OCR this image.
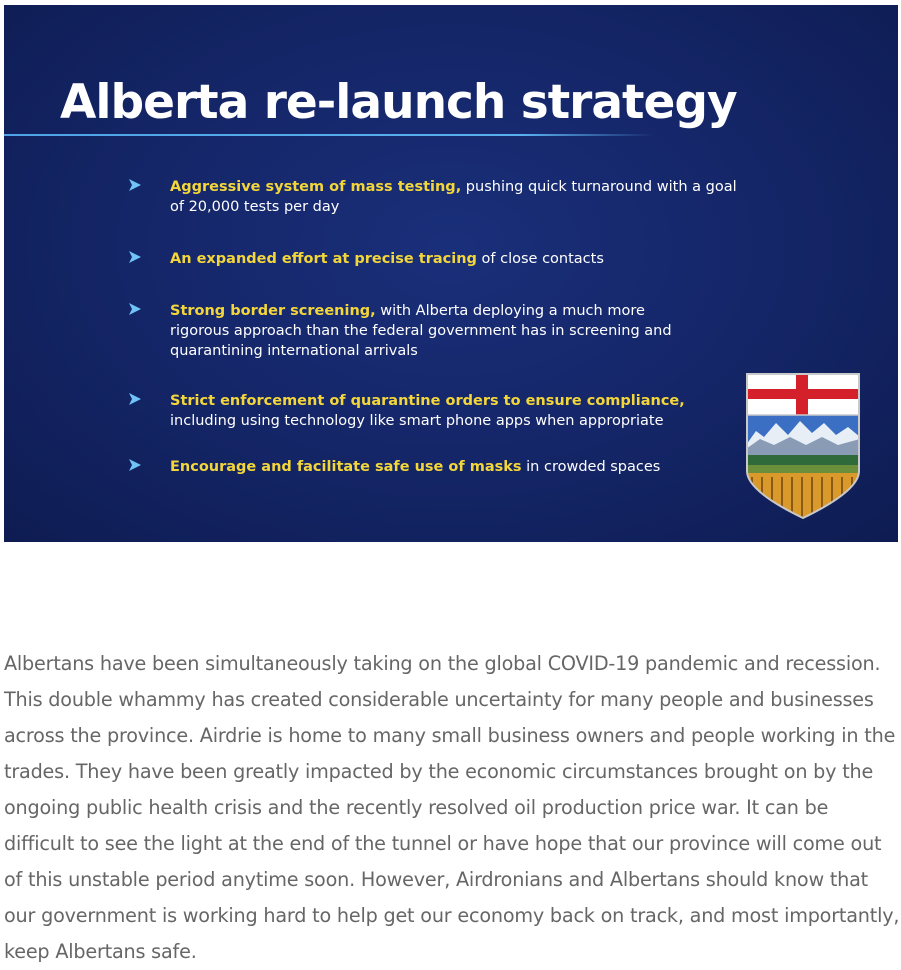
Alberta re-launch strategy
Aggressive system of mass testing, pushing quick turnaround with a goal of 20,000 tests per day
An expanded effort at precise tracing of close contacts
Strong border screening, with Alberta deploying a much more rigorous approach than the federal government has in screening and quarantining international arrivals
Strict enforcement of quarantine orders to ensure compliance, including using technology like smart phone apps when appropriate
Encourage and facilitate safe use of masks in crowded spaces

Albertans have been simultaneously taking on the global COVID-19 pandemic and recession. This double whammy has created considerable uncertainty for many people and businesses across the province. Airdrie is home to many small business owners and people working in the trades. They have been greatly impacted by the economic circumstances brought on by the ongoing public health crisis and the recently resolved oil production price war. It can be difficult to see the light at the end of the tunnel or have hope that our province will come out of this unstable period anytime soon. However, Airdronians and Albertans should know that our government is working hard to help get our economy back on track, and most importantly, keep Albertans safe.
